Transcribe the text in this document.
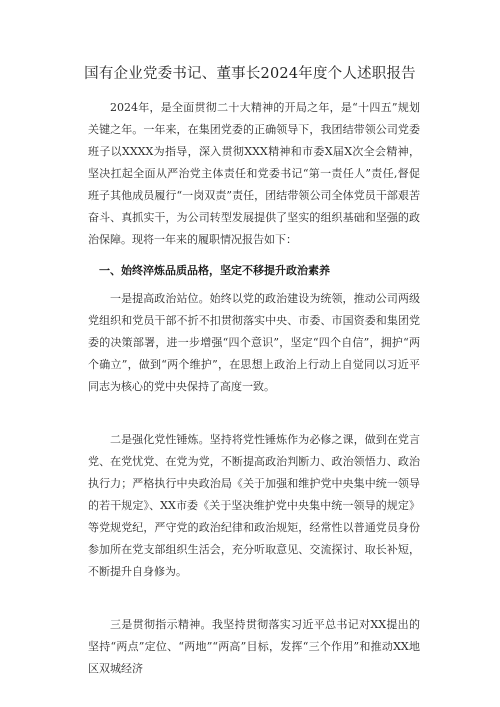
国有企业党委书记、董事长2024年度个人述职报告

2024年，是全面贯彻二十大精神的开局之年，是“十四五”规划关键之年。一年来，在集团党委的正确领导下，我团结带领公司党委班子以XXXX为指导，深入贯彻XXX精神和市委X届X次全会精神，坚决扛起全面从严治党主体责任和党委书记“第一责任人”责任,督促班子其他成员履行“一岗双责”责任，团结带领公司全体党员干部艰苦奋斗、真抓实干，为公司转型发展提供了坚实的组织基础和坚强的政治保障。现将一年来的履职情况报告如下：

一、始终淬炼品质品格，坚定不移提升政治素养

一是提高政治站位。始终以党的政治建设为统领，推动公司两级党组织和党员干部不折不扣贯彻落实中央、市委、市国资委和集团党委的决策部署，进一步增强“四个意识”，坚定“四个自信”，拥护“两个确立”，做到“两个维护”，在思想上政治上行动上自觉同以习近平同志为核心的党中央保持了高度一致。

二是强化党性锤炼。坚持将党性锤炼作为必修之课，做到在党言党、在党忧党、在党为党，不断提高政治判断力、政治领悟力、政治执行力；严格执行中央政治局《关于加强和维护党中央集中统一领导的若干规定》、XX市委《关于坚决维护党中央集中统一领导的规定》等党规党纪，严守党的政治纪律和政治规矩，经常性以普通党员身份参加所在党支部组织生活会，充分听取意见、交流探讨、取长补短，不断提升自身修为。

三是贯彻指示精神。我坚持贯彻落实习近平总书记对XX提出的坚持“两点”定位、“两地”“两高”目标，发挥“三个作用”和推动XX地区双城经济
